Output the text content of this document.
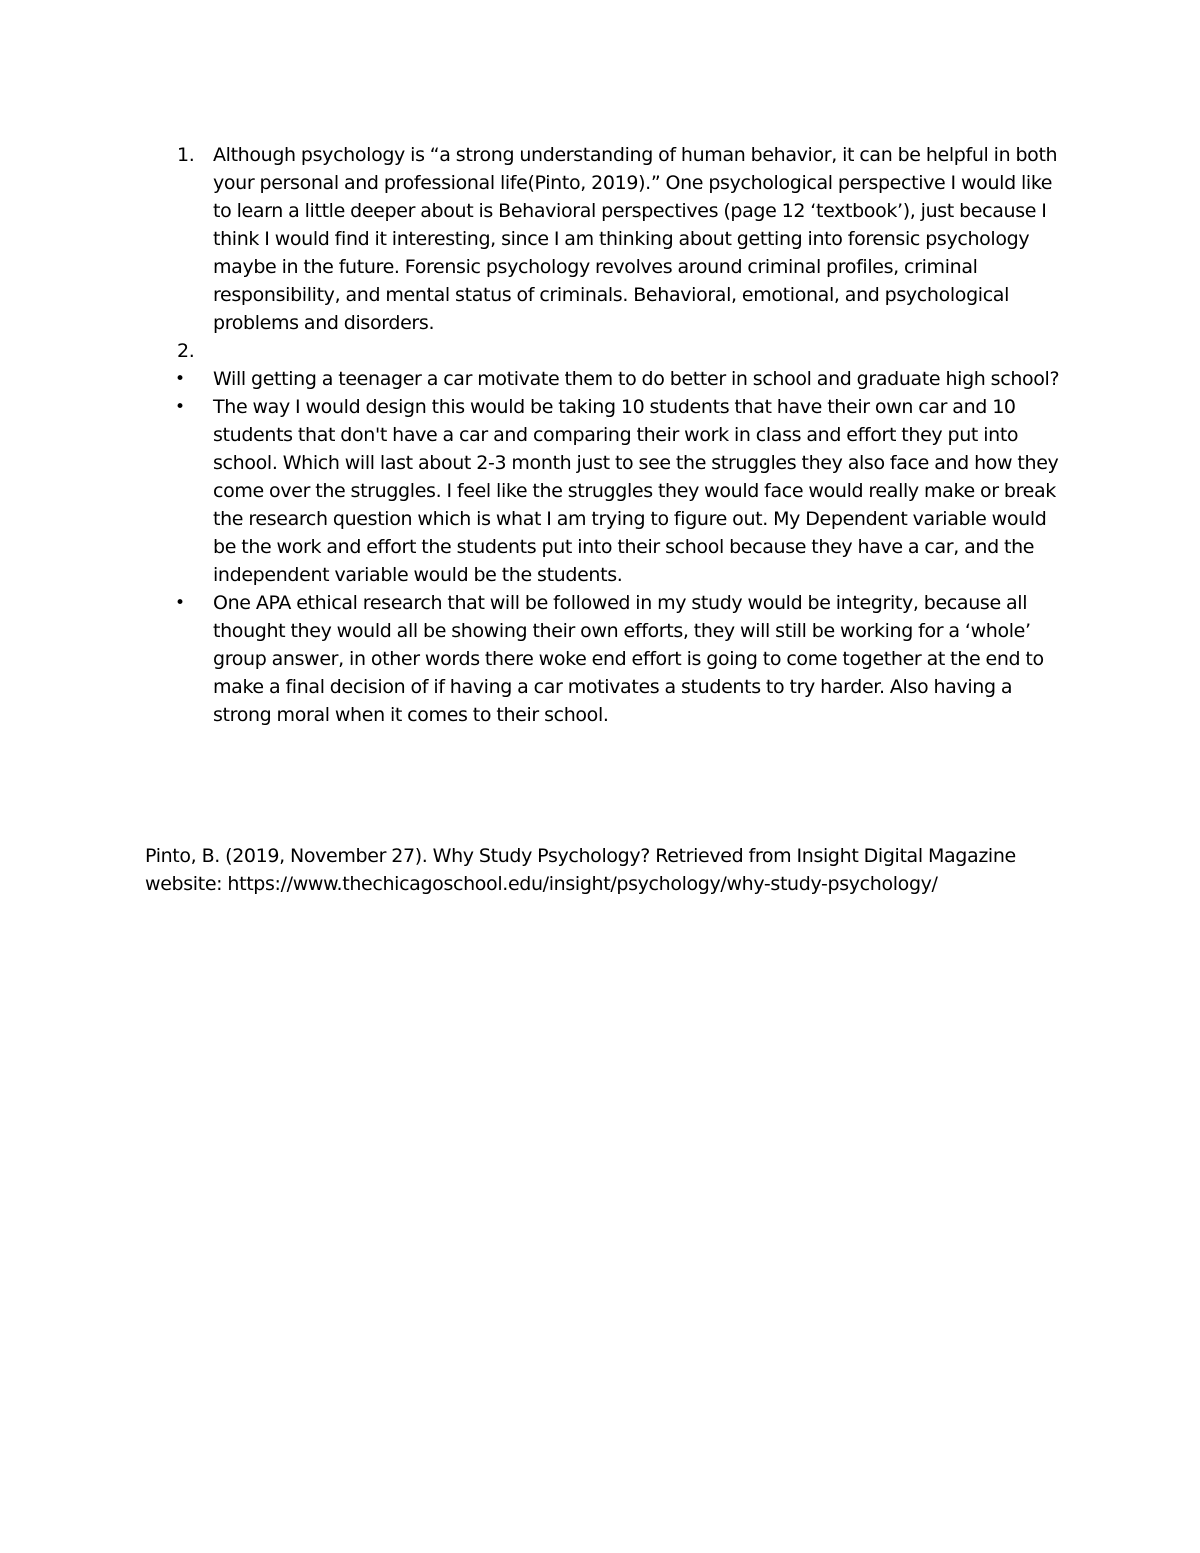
1. Although psychology is “a strong understanding of human behavior, it can be helpful in both your personal and professional life(Pinto, 2019).” One psychological perspective I would like to learn a little deeper about is Behavioral perspectives (page 12 ‘textbook’), just because I think I would find it interesting, since I am thinking about getting into forensic psychology maybe in the future. Forensic psychology revolves around criminal profiles, criminal responsibility, and mental status of criminals. Behavioral, emotional, and psychological problems and disorders.
2.
• Will getting a teenager a car motivate them to do better in school and graduate high school?
• The way I would design this would be taking 10 students that have their own car and 10 students that don't have a car and comparing their work in class and effort they put into school. Which will last about 2-3 month just to see the struggles they also face and how they come over the struggles. I feel like the struggles they would face would really make or break the research question which is what I am trying to figure out. My Dependent variable would be the work and effort the students put into their school because they have a car, and the independent variable would be the students.
• One APA ethical research that will be followed in my study would be integrity, because all thought they would all be showing their own efforts, they will still be working for a ‘whole’ group answer, in other words there woke end effort is going to come together at the end to make a final decision of if having a car motivates a students to try harder. Also having a strong moral when it comes to their school.
Pinto, B. (2019, November 27). Why Study Psychology? Retrieved from Insight Digital Magazine website: https://www.thechicagoschool.edu/insight/psychology/why-study-psychology/
